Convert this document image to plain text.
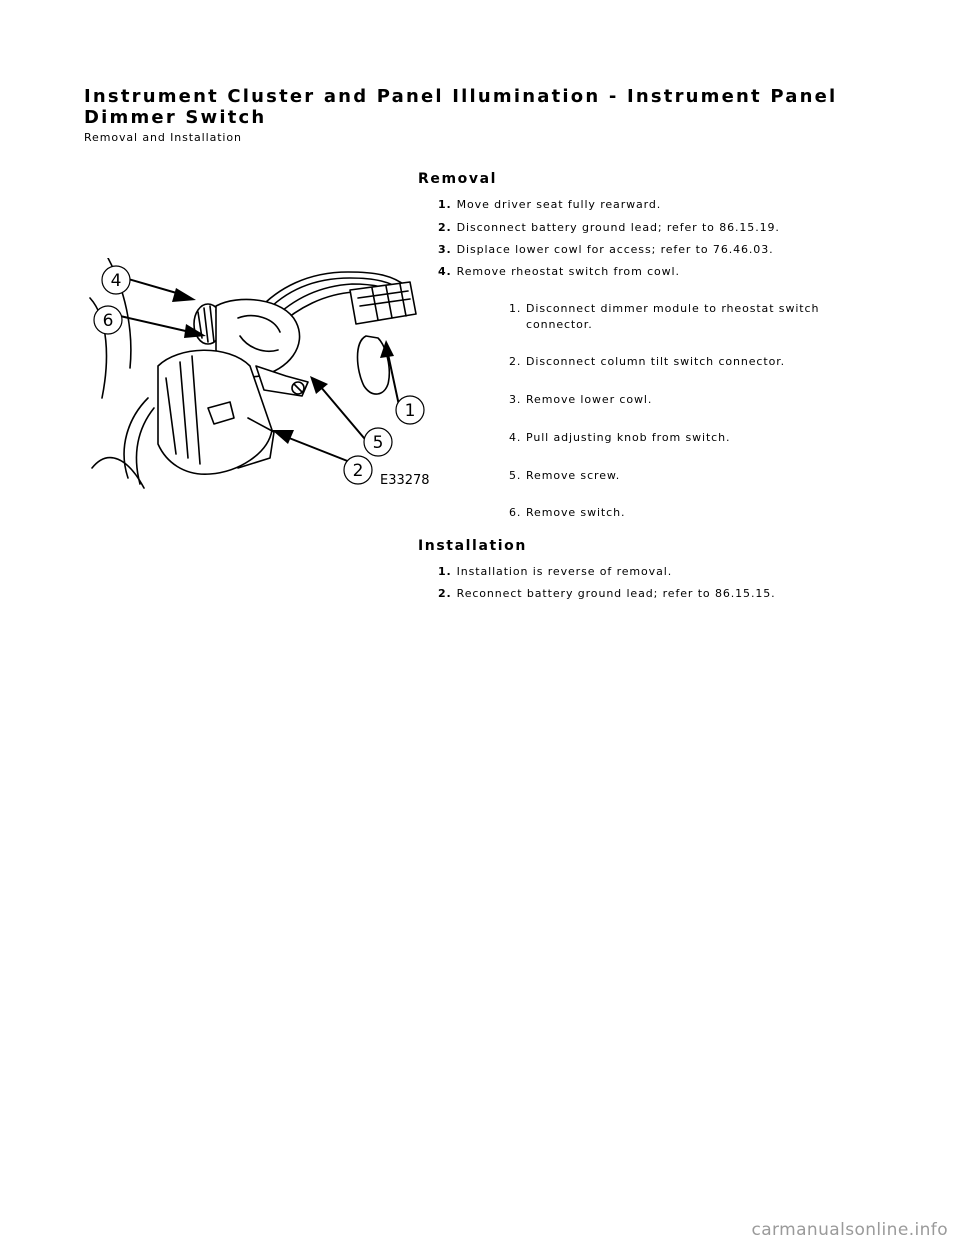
Instrument Cluster and Panel Illumination - Instrument Panel Dimmer Switch
Removal and Installation
Removal
1. Move driver seat fully rearward.
2. Disconnect battery ground lead; refer to 86.15.19.
3. Displace lower cowl for access; refer to 76.46.03.
4. Remove rheostat switch from cowl.
1. Disconnect dimmer module to rheostat switch
connector.
2. Disconnect column tilt switch connector.
3. Remove lower cowl.
4. Pull adjusting knob from switch.
5. Remove screw.
6. Remove switch.
Installation
1. Installation is reverse of removal.
2. Reconnect battery ground lead; refer to 86.15.15.
4
6
1
5
2 E33278
carmanualsonline.info
